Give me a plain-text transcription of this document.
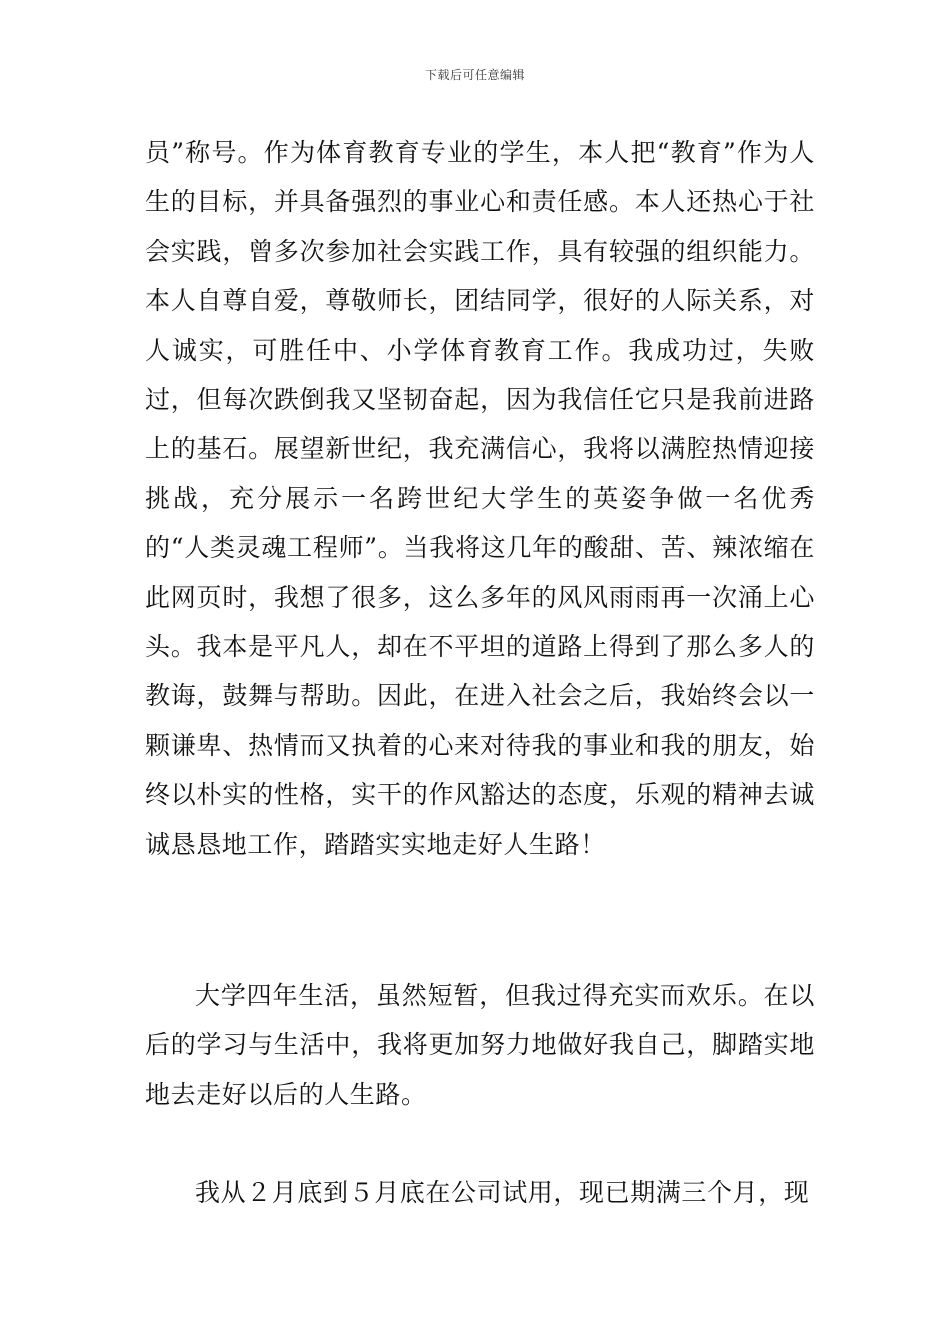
下载后可任意编辑

员”称号。作为体育教育专业的学生，本人把“教育”作为人生的目标，并具备强烈的事业心和责任感。本人还热心于社会实践，曾多次参加社会实践工作，具有较强的组织能力。本人自尊自爱，尊敬师长，团结同学，很好的人际关系，对人诚实，可胜任中、小学体育教育工作。我成功过，失败过，但每次跌倒我又坚韧奋起，因为我信任它只是我前进路上的基石。展望新世纪，我充满信心，我将以满腔热情迎接挑战，充分展示一名跨世纪大学生的英姿争做一名优秀的“人类灵魂工程师”。当我将这几年的酸甜、苦、辣浓缩在此网页时，我想了很多，这么多年的风风雨雨再一次涌上心头。我本是平凡人，却在不平坦的道路上得到了那么多人的教诲，鼓舞与帮助。因此，在进入社会之后，我始终会以一颗谦卑、热情而又执着的心来对待我的事业和我的朋友，始终以朴实的性格，实干的作风豁达的态度，乐观的精神去诚诚恳恳地工作，踏踏实实地走好人生路！

大学四年生活，虽然短暂，但我过得充实而欢乐。在以后的学习与生活中，我将更加努力地做好我自己，脚踏实地地去走好以后的人生路。

我从２月底到５月底在公司试用，现已期满三个月，现
